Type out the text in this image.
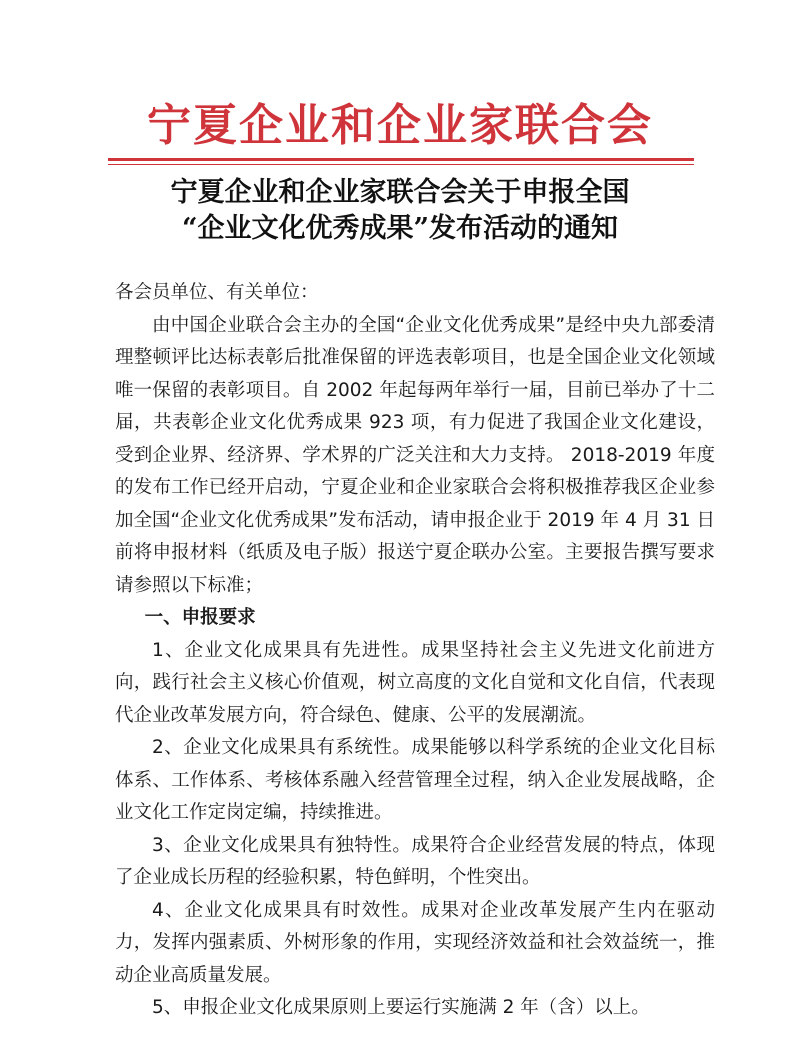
宁夏企业和企业家联合会
宁夏企业和企业家联合会关于申报全国
“企业文化优秀成果”发布活动的通知

各会员单位、有关单位：

由中国企业联合会主办的全国“企业文化优秀成果”是经中央九部委清理整顿评比达标表彰后批准保留的评选表彰项目，也是全国企业文化领域唯一保留的表彰项目。自 2002 年起每两年举行一届，目前已举办了十二届，共表彰企业文化优秀成果 923 项，有力促进了我国企业文化建设，受到企业界、经济界、学术界的广泛关注和大力支持。 2018-2019 年度的发布工作已经开启动，宁夏企业和企业家联合会将积极推荐我区企业参加全国“企业文化优秀成果”发布活动，请申报企业于 2019 年 4 月 31 日前将申报材料（纸质及电子版）报送宁夏企联办公室。主要报告撰写要求请参照以下标准；

一、申报要求

1、企业文化成果具有先进性。成果坚持社会主义先进文化前进方向，践行社会主义核心价值观，树立高度的文化自觉和文化自信，代表现代企业改革发展方向，符合绿色、健康、公平的发展潮流。

2、企业文化成果具有系统性。成果能够以科学系统的企业文化目标体系、工作体系、考核体系融入经营管理全过程，纳入企业发展战略，企业文化工作定岗定编，持续推进。

3、企业文化成果具有独特性。成果符合企业经营发展的特点，体现了企业成长历程的经验积累，特色鲜明，个性突出。

4、企业文化成果具有时效性。成果对企业改革发展产生内在驱动力，发挥内强素质、外树形象的作用，实现经济效益和社会效益统一，推动企业高质量发展。

5、申报企业文化成果原则上要运行实施满 2 年（含）以上。
